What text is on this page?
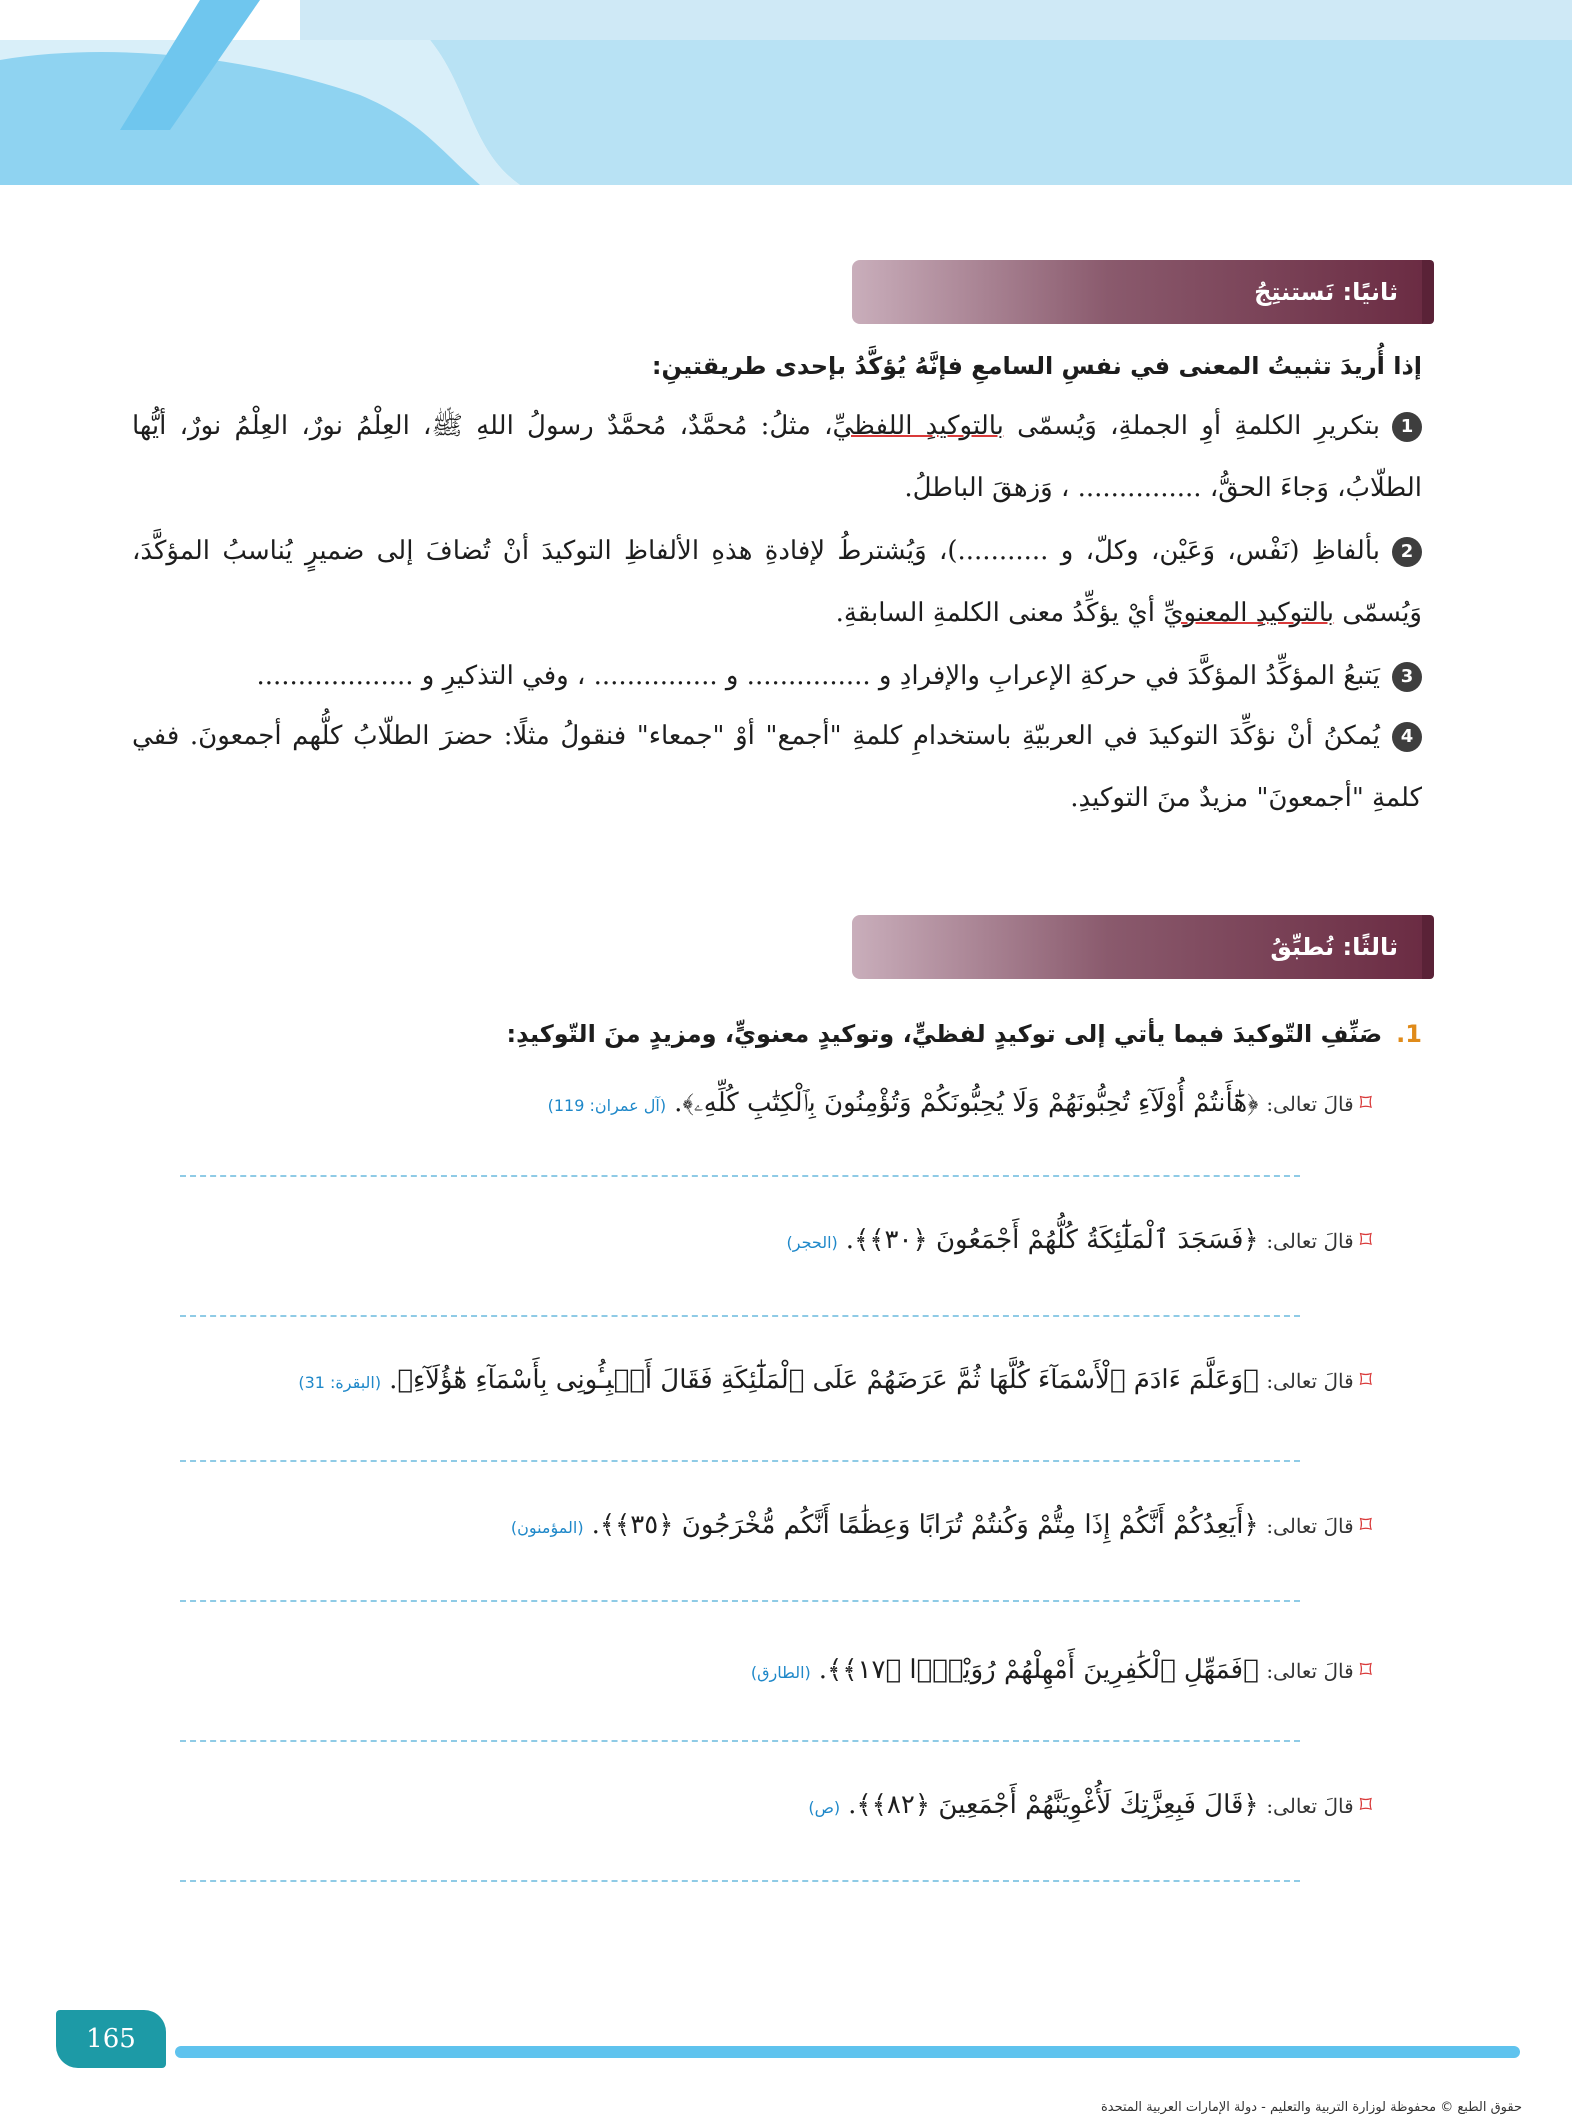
ثانيًا: نَستنتِجُ
إذا أُريدَ تثبيتُ المعنى في نفسِ السامعِ فإنَّهُ يُؤكَّدُ بإحدى طريقتينِ:
1بتكريرِ الكلمةِ أوِ الجملةِ، وَيُسمّى بالتوكيدِ اللفظيِّ، مثلُ: مُحمَّدٌ، مُحمَّدٌ رسولُ اللهِ ﷺ، العِلْمُ نورٌ، العِلْمُ نورٌ، أيُّها الطلّابُ، وَجاءَ الحقُّ، ............... ، وَزهقَ الباطلُ.
2بألفاظِ (نَفْس، وَعَيْن، وكلّ، و ...........)، وَيُشترطُ لإفادةِ هذهِ الألفاظِ التوكيدَ أنْ تُضافَ إلى ضميرٍ يُناسبُ المؤكَّدَ، وَيُسمّى بالتوكيدِ المعنويِّ أيْ يؤكِّدُ معنى الكلمةِ السابقةِ.
3يَتبعُ المؤكِّدُ المؤكَّدَ في حركةِ الإعرابِ والإفرادِ و ............... و ............... ، وفي التذكيرِ و ...................
4يُمكنُ أنْ نؤكِّدَ التوكيدَ في العربيّةِ باستخدامِ كلمةِ "أجمع" أوْ "جمعاء" فنقولُ مثلًا: حضرَ الطلّابُ كلُّهم أجمعونَ. ففي كلمةِ "أجمعونَ" مزيدٌ منَ التوكيدِ.
ثالثًا: نُطبِّقُ
1.صَنِّفِ التّوكيدَ فيما يأتي إلى توكيدٍ لفظيٍّ، وتوكيدٍ معنويٍّ، ومزيدٍ منَ التّوكيدِ:
⌑قالَ تعالى: ﴿هَٰٓأَنتُمْ أُوْلَآءِ تُحِبُّونَهُمْ وَلَا يُحِبُّونَكُمْ وَتُؤْمِنُونَ بِٱلْكِتَٰبِ كُلِّهِۦ﴾.(آل عمران: 119)
⌑قالَ تعالى: ﴿فَسَجَدَ ٱلْمَلَٰٓئِكَةُ كُلُّهُمْ أَجْمَعُونَ ﴿٣٠﴾﴾.(الحجر)
⌑قالَ تعالى: ﴿وَعَلَّمَ ءَادَمَ ٱلْأَسْمَآءَ كُلَّهَا ثُمَّ عَرَضَهُمْ عَلَى ٱلْمَلَٰٓئِكَةِ فَقَالَ أَنۢبِـُٔونِى بِأَسْمَآءِ هَٰٓؤُلَآءِ﴾.(البقرة: 31)
⌑قالَ تعالى: ﴿أَيَعِدُكُمْ أَنَّكُمْ إِذَا مِتُّمْ وَكُنتُمْ تُرَابًا وَعِظَٰمًا أَنَّكُم مُّخْرَجُونَ ﴿٣٥﴾﴾.(المؤمنون)
⌑قالَ تعالى: ﴿فَمَهِّلِ ٱلْكَٰفِرِينَ أَمْهِلْهُمْ رُوَيْدًۢا ﴿١٧﴾﴾.(الطارق)
⌑قالَ تعالى: ﴿قَالَ فَبِعِزَّتِكَ لَأُغْوِيَنَّهُمْ أَجْمَعِينَ ﴿٨٢﴾﴾.(ص)
165
حقوق الطبع © محفوظة لوزارة التربية والتعليم - دولة الإمارات العربية المتحدة
